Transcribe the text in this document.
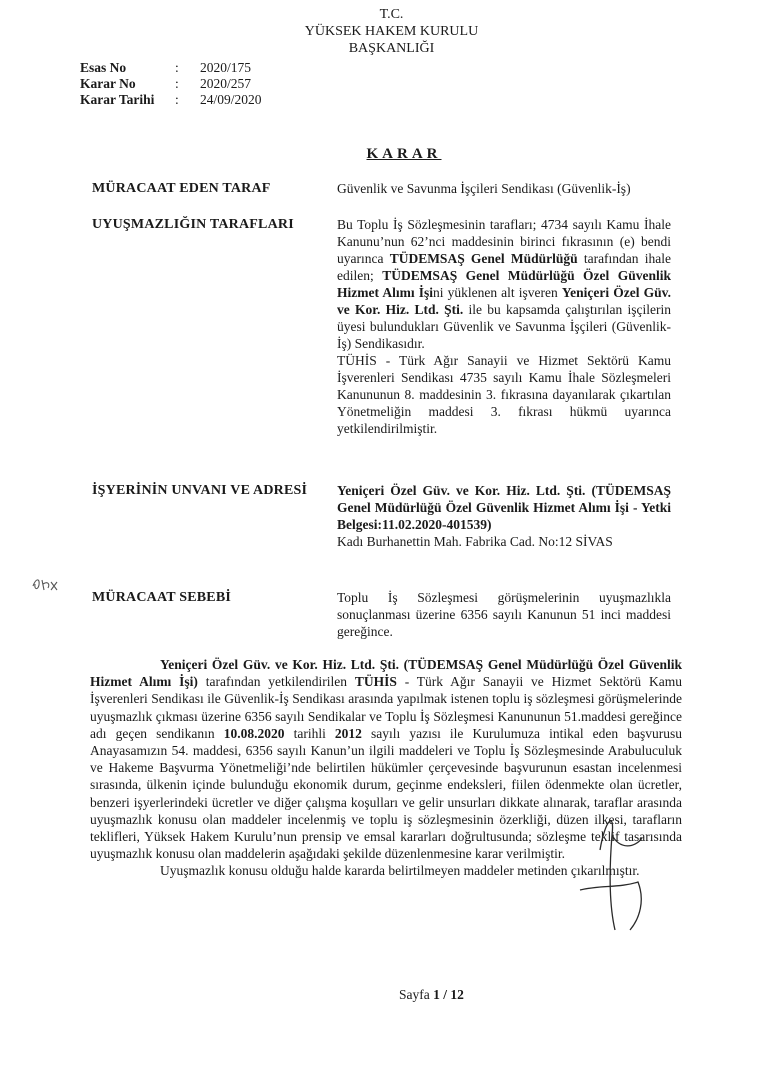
T.C.
YÜKSEK HAKEM KURULU
BAŞKANLIĞI
Esas No	:	2020/175
Karar No	:	2020/257
Karar Tarihi	:	24/09/2020
KARAR
MÜRACAAT EDEN TARAF	Güvenlik ve Savunma İşçileri Sendikası (Güvenlik-İş)
UYUŞMAZLIĞIN TARAFLARI	Bu Toplu İş Sözleşmesinin tarafları; 4734 sayılı Kamu İhale Kanunu’nun 62’nci maddesinin birinci fıkrasının (e) bendi uyarınca TÜDEMSAŞ Genel Müdürlüğü tarafından ihale edilen; TÜDEMSAŞ Genel Müdürlüğü Özel Güvenlik Hizmet Alımı İşini yüklenen alt işveren Yeniçeri Özel Güv. ve Kor. Hiz. Ltd. Şti. ile bu kapsamda çalıştırılan işçilerin üyesi bulundukları Güvenlik ve Savunma İşçileri (Güvenlik-İş) Sendikasıdır.

TÜHİS - Türk Ağır Sanayii ve Hizmet Sektörü Kamu İşverenleri Sendikası 4735 sayılı Kamu İhale Sözleşmeleri Kanununun 8. maddesinin 3. fıkrasına dayanılarak çıkartılan Yönetmeliğin maddesi 3. fıkrası hükmü uyarınca yetkilendirilmiştir.

İŞYERİNİN UNVANI VE ADRESİ	Yeniçeri Özel Güv. ve Kor. Hiz. Ltd. Şti. (TÜDEMSAŞ Genel Müdürlüğü Özel Güvenlik Hizmet Alımı İşi - Yetki Belgesi:11.02.2020-401539)

Kadı Burhanettin Mah. Fabrika Cad. No:12 SİVAS

MÜRACAAT SEBEBİ	Toplu İş Sözleşmesi görüşmelerinin uyuşmazlıkla sonuçlanması üzerine 6356 sayılı Kanunun 51 inci maddesi gereğince.

Yeniçeri Özel Güv. ve Kor. Hiz. Ltd. Şti. (TÜDEMSAŞ Genel Müdürlüğü Özel Güvenlik Hizmet Alımı İşi) tarafından yetkilendirilen TÜHİS - Türk Ağır Sanayii ve Hizmet Sektörü Kamu İşverenleri Sendikası ile Güvenlik-İş Sendikası arasında yapılmak istenen toplu iş sözleşmesi görüşmelerinde uyuşmazlık çıkması üzerine 6356 sayılı Sendikalar ve Toplu İş Sözleşmesi Kanununun 51.maddesi gereğince adı geçen sendikanın 10.08.2020 tarihli 2012 sayılı yazısı ile Kurulumuza intikal eden başvurusu Anayasamızın 54. maddesi, 6356 sayılı Kanun’un ilgili maddeleri ve Toplu İş Sözleşmesinde Arabuluculuk ve Hakeme Başvurma Yönetmeliği’nde belirtilen hükümler çerçevesinde başvurunun esastan incelenmesi sırasında, ülkenin içinde bulunduğu ekonomik durum, geçinme endeksleri, fiilen ödenmekte olan ücretler, benzeri işyerlerindeki ücretler ve diğer çalışma koşulları ve gelir unsurları dikkate alınarak, taraflar arasında uyuşmazlık konusu olan maddeler incelenmiş ve toplu iş sözleşmesinin özerkliği, düzen ilkesi, tarafların teklifleri, Yüksek Hakem Kurulu’nun prensip ve emsal kararları doğrultusunda; sözleşme teklif tasarısında uyuşmazlık konusu olan maddelerin aşağıdaki şekilde düzenlenmesine karar verilmiştir.

Uyuşmazlık konusu olduğu halde kararda belirtilmeyen maddeler metinden çıkarılmıştır.

Sayfa 1 / 12
